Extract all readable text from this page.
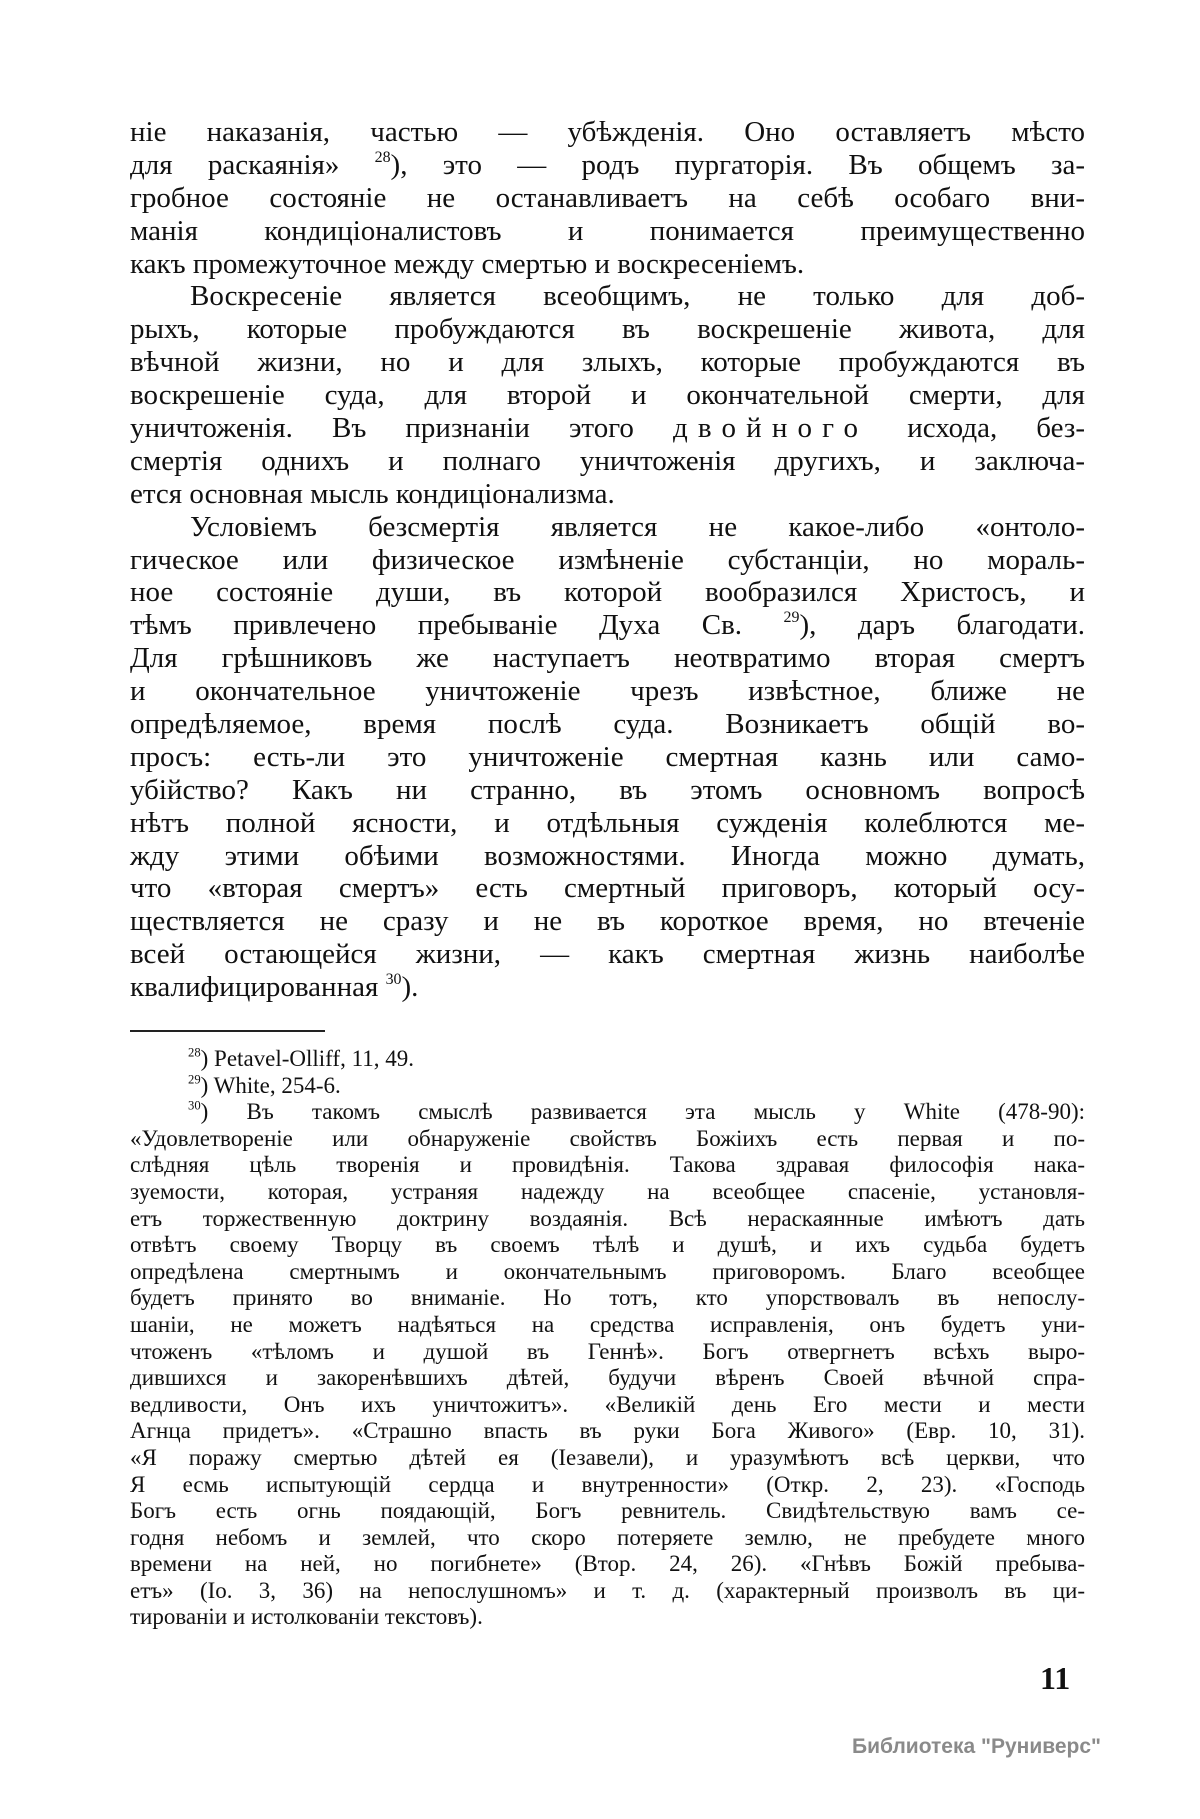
ніе наказанія, частью — убѣжденія. Оно оставляетъ мѣсто
для раскаянія» $^{28}$), это — родъ пургаторія. Въ общемъ за-
гробное состояніе не останавливаетъ на себѣ особаго вни-
манія кондиціоналистовъ и понимается преимущественно
какъ промежуточное между смертью и воскресеніемъ.
Воскресеніе является всеобщимъ, не только для доб-
рыхъ, которые пробуждаются въ воскрешеніе живота, для
вѣчной жизни, но и для злыхъ, которые пробуждаются въ
воскрешеніе суда, для второй и окончательной смерти, для
уничтоженія. Въ признаніи этого двойного исхода, без-
смертія однихъ и полнаго уничтоженія другихъ, и заключа-
ется основная мысль кондиціонализма.
Условіемъ безсмертія является не какое-либо «онтоло-
гическое или физическое измѣненіе субстанціи, но мораль-
ное состояніе души, въ которой вообразился Христосъ, и
тѣмъ привлечено пребываніе Духа Св. $^{29}$), даръ благодати.
Для грѣшниковъ же наступаетъ неотвратимо вторая смертъ
и окончательное уничтоженіе чрезъ извѣстное, ближе не
опредѣляемое, время послѣ суда. Возникаетъ общій во-
просъ: есть-ли это уничтоженіе смертная казнь или само-
убійство? Какъ ни странно, въ этомъ основномъ вопросѣ
нѣтъ полной ясности, и отдѣльныя сужденія колеблются ме-
жду этими обѣими возможностями. Иногда можно думать,
что «вторая смертъ» есть смертный приговоръ, который осу-
ществляется не сразу и не въ короткое время, но втеченіе
всей остающейся жизни, — какъ смертная жизнь наиболѣе
квалифицированная $^{30}$).
$^{28}$) Petavel-Olliff, 11, 49.
$^{29}$) White, 254-6.
$^{30}$) Въ такомъ смыслѣ развивается эта мысль у White (478-90):
«Удовлетвореніе или обнаруженіе свойствъ Божіихъ есть первая и по-
слѣдняя цѣль творенія и провидѣнія. Такова здравая философія нака-
зуемости, которая, устраняя надежду на всеобщее спасеніе, установля-
етъ торжественную доктрину воздаянія. Всѣ нераскаянные имѣютъ дать
отвѣтъ своему Творцу въ своемъ тѣлѣ и душѣ, и ихъ судьба будетъ
опредѣлена смертнымъ и окончательнымъ приговоромъ. Благо всеобщее
будетъ принято во вниманіе. Но тотъ, кто упорствовалъ въ непослу-
шаніи, не можетъ надѣяться на средства исправленія, онъ будетъ уни-
чтоженъ «тѣломъ и душой въ Геннѣ». Богъ отвергнетъ всѣхъ выро-
дившихся и закоренѣвшихъ дѣтей, будучи вѣренъ Своей вѣчной спра-
ведливости, Онъ ихъ уничтожитъ». «Великій день Его мести и мести
Агнца придетъ». «Страшно впасть въ руки Бога Живого» (Евр. 10, 31).
«Я поражу смертью дѣтей ея (Іезавели), и уразумѣютъ всѣ церкви, что
Я есмь испытующій сердца и внутренности» (Откр. 2, 23). «Господь
Богъ есть огнь поядающій, Богъ ревнитель. Свидѣтельствую вамъ се-
годня небомъ и землей, что скоро потеряете землю, не пребудете много
времени на ней, но погибнете» (Втор. 24, 26). «Гнѣвъ Божій пребыва-
етъ» (Іо. 3, 36) на непослушномъ» и т. д. (характерный произволъ въ ци-
тированіи и истолкованіи текстовъ).
11
Библиотека "Руниверс"
